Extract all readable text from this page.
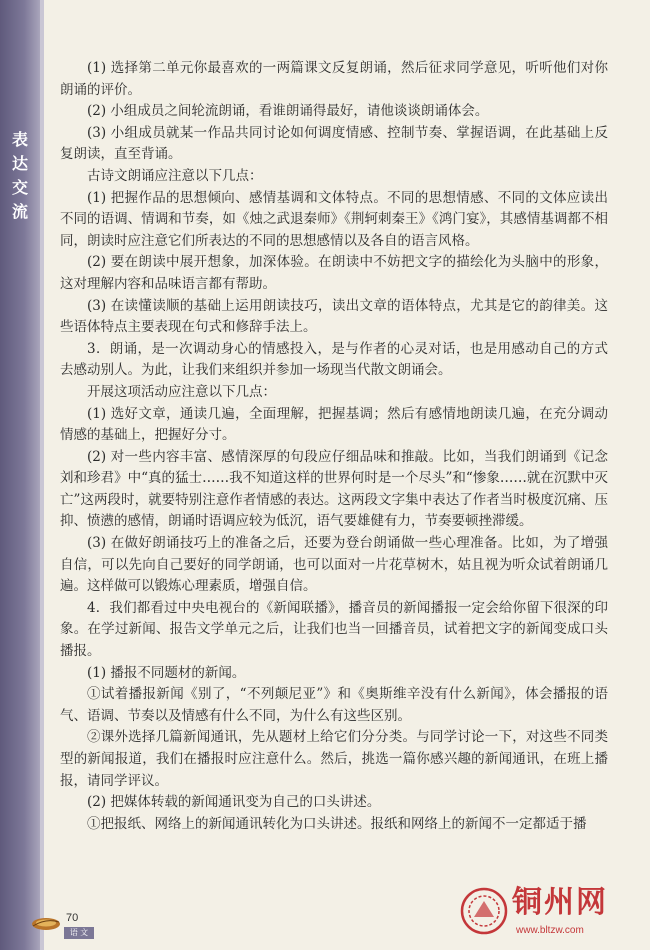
表
达
交
流

(1) 选择第二单元你最喜欢的一两篇课文反复朗诵，然后征求同学意见，听听他们对你朗诵的评价。

(2) 小组成员之间轮流朗诵，看谁朗诵得最好，请他谈谈朗诵体会。

(3) 小组成员就某一作品共同讨论如何调度情感、控制节奏、掌握语调，在此基础上反复朗读，直至背诵。

古诗文朗诵应注意以下几点：

(1) 把握作品的思想倾向、感情基调和文体特点。不同的思想情感、不同的文体应读出不同的语调、情调和节奏，如《烛之武退秦师》《荆轲刺秦王》《鸿门宴》，其感情基调都不相同，朗读时应注意它们所表达的不同的思想感情以及各自的语言风格。

(2) 要在朗读中展开想象，加深体验。在朗读中不妨把文字的描绘化为头脑中的形象，这对理解内容和品味语言都有帮助。

(3) 在读懂读顺的基础上运用朗读技巧，读出文章的语体特点，尤其是它的韵律美。这些语体特点主要表现在句式和修辞手法上。

3．朗诵，是一次调动身心的情感投入，是与作者的心灵对话，也是用感动自己的方式去感动别人。为此，让我们来组织并参加一场现当代散文朗诵会。

开展这项活动应注意以下几点：

(1) 选好文章，通读几遍，全面理解，把握基调；然后有感情地朗读几遍，在充分调动情感的基础上，把握好分寸。

(2) 对一些内容丰富、感情深厚的句段应仔细品味和推敲。比如，当我们朗诵到《记念刘和珍君》中“真的猛士……我不知道这样的世界何时是一个尽头”和“惨象……就在沉默中灭亡”这两段时，就要特别注意作者情感的表达。这两段文字集中表达了作者当时极度沉痛、压抑、愤懑的感情，朗诵时语调应较为低沉，语气要雄健有力，节奏要顿挫滞缓。

(3) 在做好朗诵技巧上的准备之后，还要为登台朗诵做一些心理准备。比如，为了增强自信，可以先向自己要好的同学朗诵，也可以面对一片花草树木，姑且视为听众试着朗诵几遍。这样做可以锻炼心理素质，增强自信。

4．我们都看过中央电视台的《新闻联播》，播音员的新闻播报一定会给你留下很深的印象。在学过新闻、报告文学单元之后，让我们也当一回播音员，试着把文字的新闻变成口头播报。

(1) 播报不同题材的新闻。

①试着播报新闻《别了，“不列颠尼亚”》和《奥斯维辛没有什么新闻》，体会播报的语气、语调、节奏以及情感有什么不同，为什么有这些区别。

②课外选择几篇新闻通讯，先从题材上给它们分分类。与同学讨论一下，对这些不同类型的新闻报道，我们在播报时应注意什么。然后，挑选一篇你感兴趣的新闻通讯，在班上播报，请同学评议。

(2) 把媒体转载的新闻通讯变为自己的口头讲述。

①把报纸、网络上的新闻通讯转化为口头讲述。报纸和网络上的新闻不一定都适于播

70
语 文
铜州网
www.bltzw.com
